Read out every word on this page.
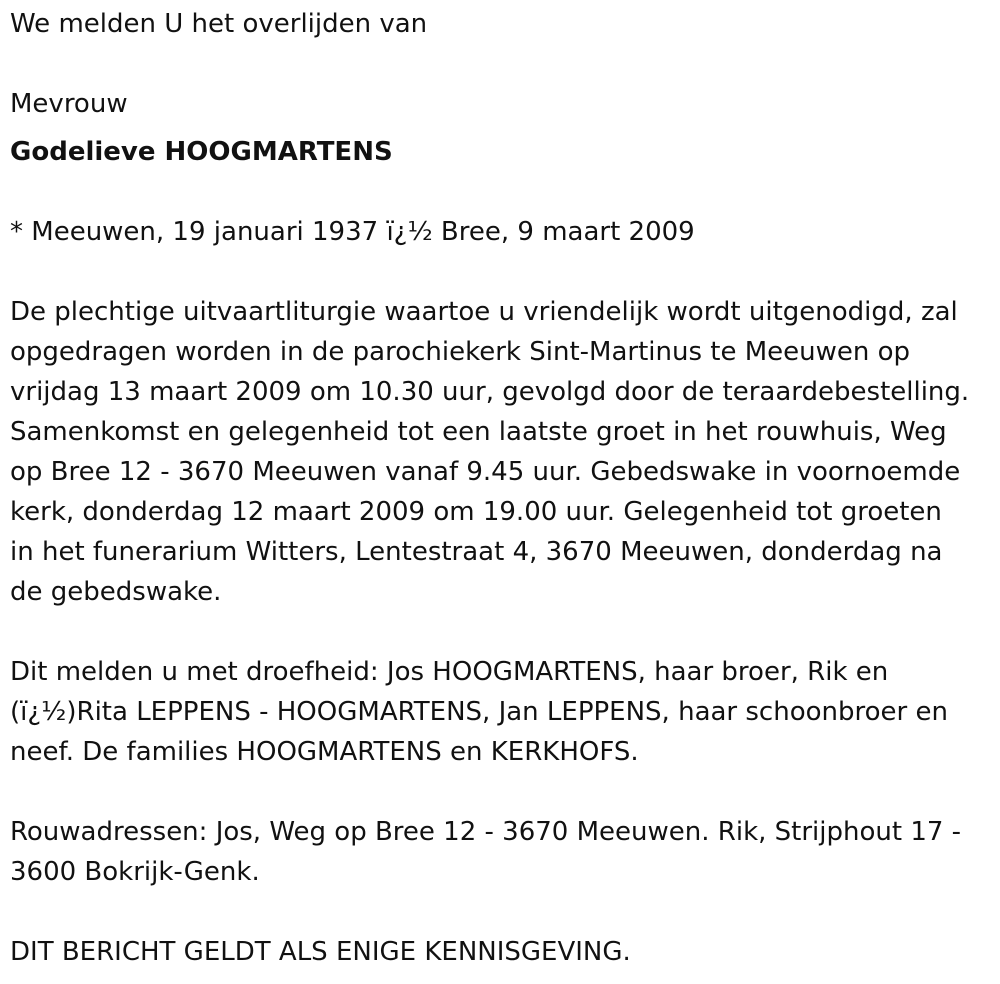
We melden U het overlijden van
Mevrouw
Godelieve HOOGMARTENS
* Meeuwen, 19 januari 1937 ï¿½ Bree, 9 maart 2009

De plechtige uitvaartliturgie waartoe u vriendelijk wordt uitgenodigd, zal

opgedragen worden in de parochiekerk Sint-Martinus te Meeuwen op

vrijdag 13 maart 2009 om 10.30 uur, gevolgd door de teraardebestelling.

Samenkomst en gelegenheid tot een laatste groet in het rouwhuis, Weg

op Bree 12 - 3670 Meeuwen vanaf 9.45 uur. Gebedswake in voornoemde

kerk, donderdag 12 maart 2009 om 19.00 uur. Gelegenheid tot groeten

in het funerarium Witters, Lentestraat 4, 3670 Meeuwen, donderdag na

de gebedswake.

Dit melden u met droefheid: Jos HOOGMARTENS, haar broer, Rik en

(ï¿½)Rita LEPPENS - HOOGMARTENS, Jan LEPPENS, haar schoonbroer en

neef. De families HOOGMARTENS en KERKHOFS.

Rouwadressen: Jos, Weg op Bree 12 - 3670 Meeuwen. Rik, Strijphout 17 -

3600 Bokrijk-Genk.

DIT BERICHT GELDT ALS ENIGE KENNISGEVING.
